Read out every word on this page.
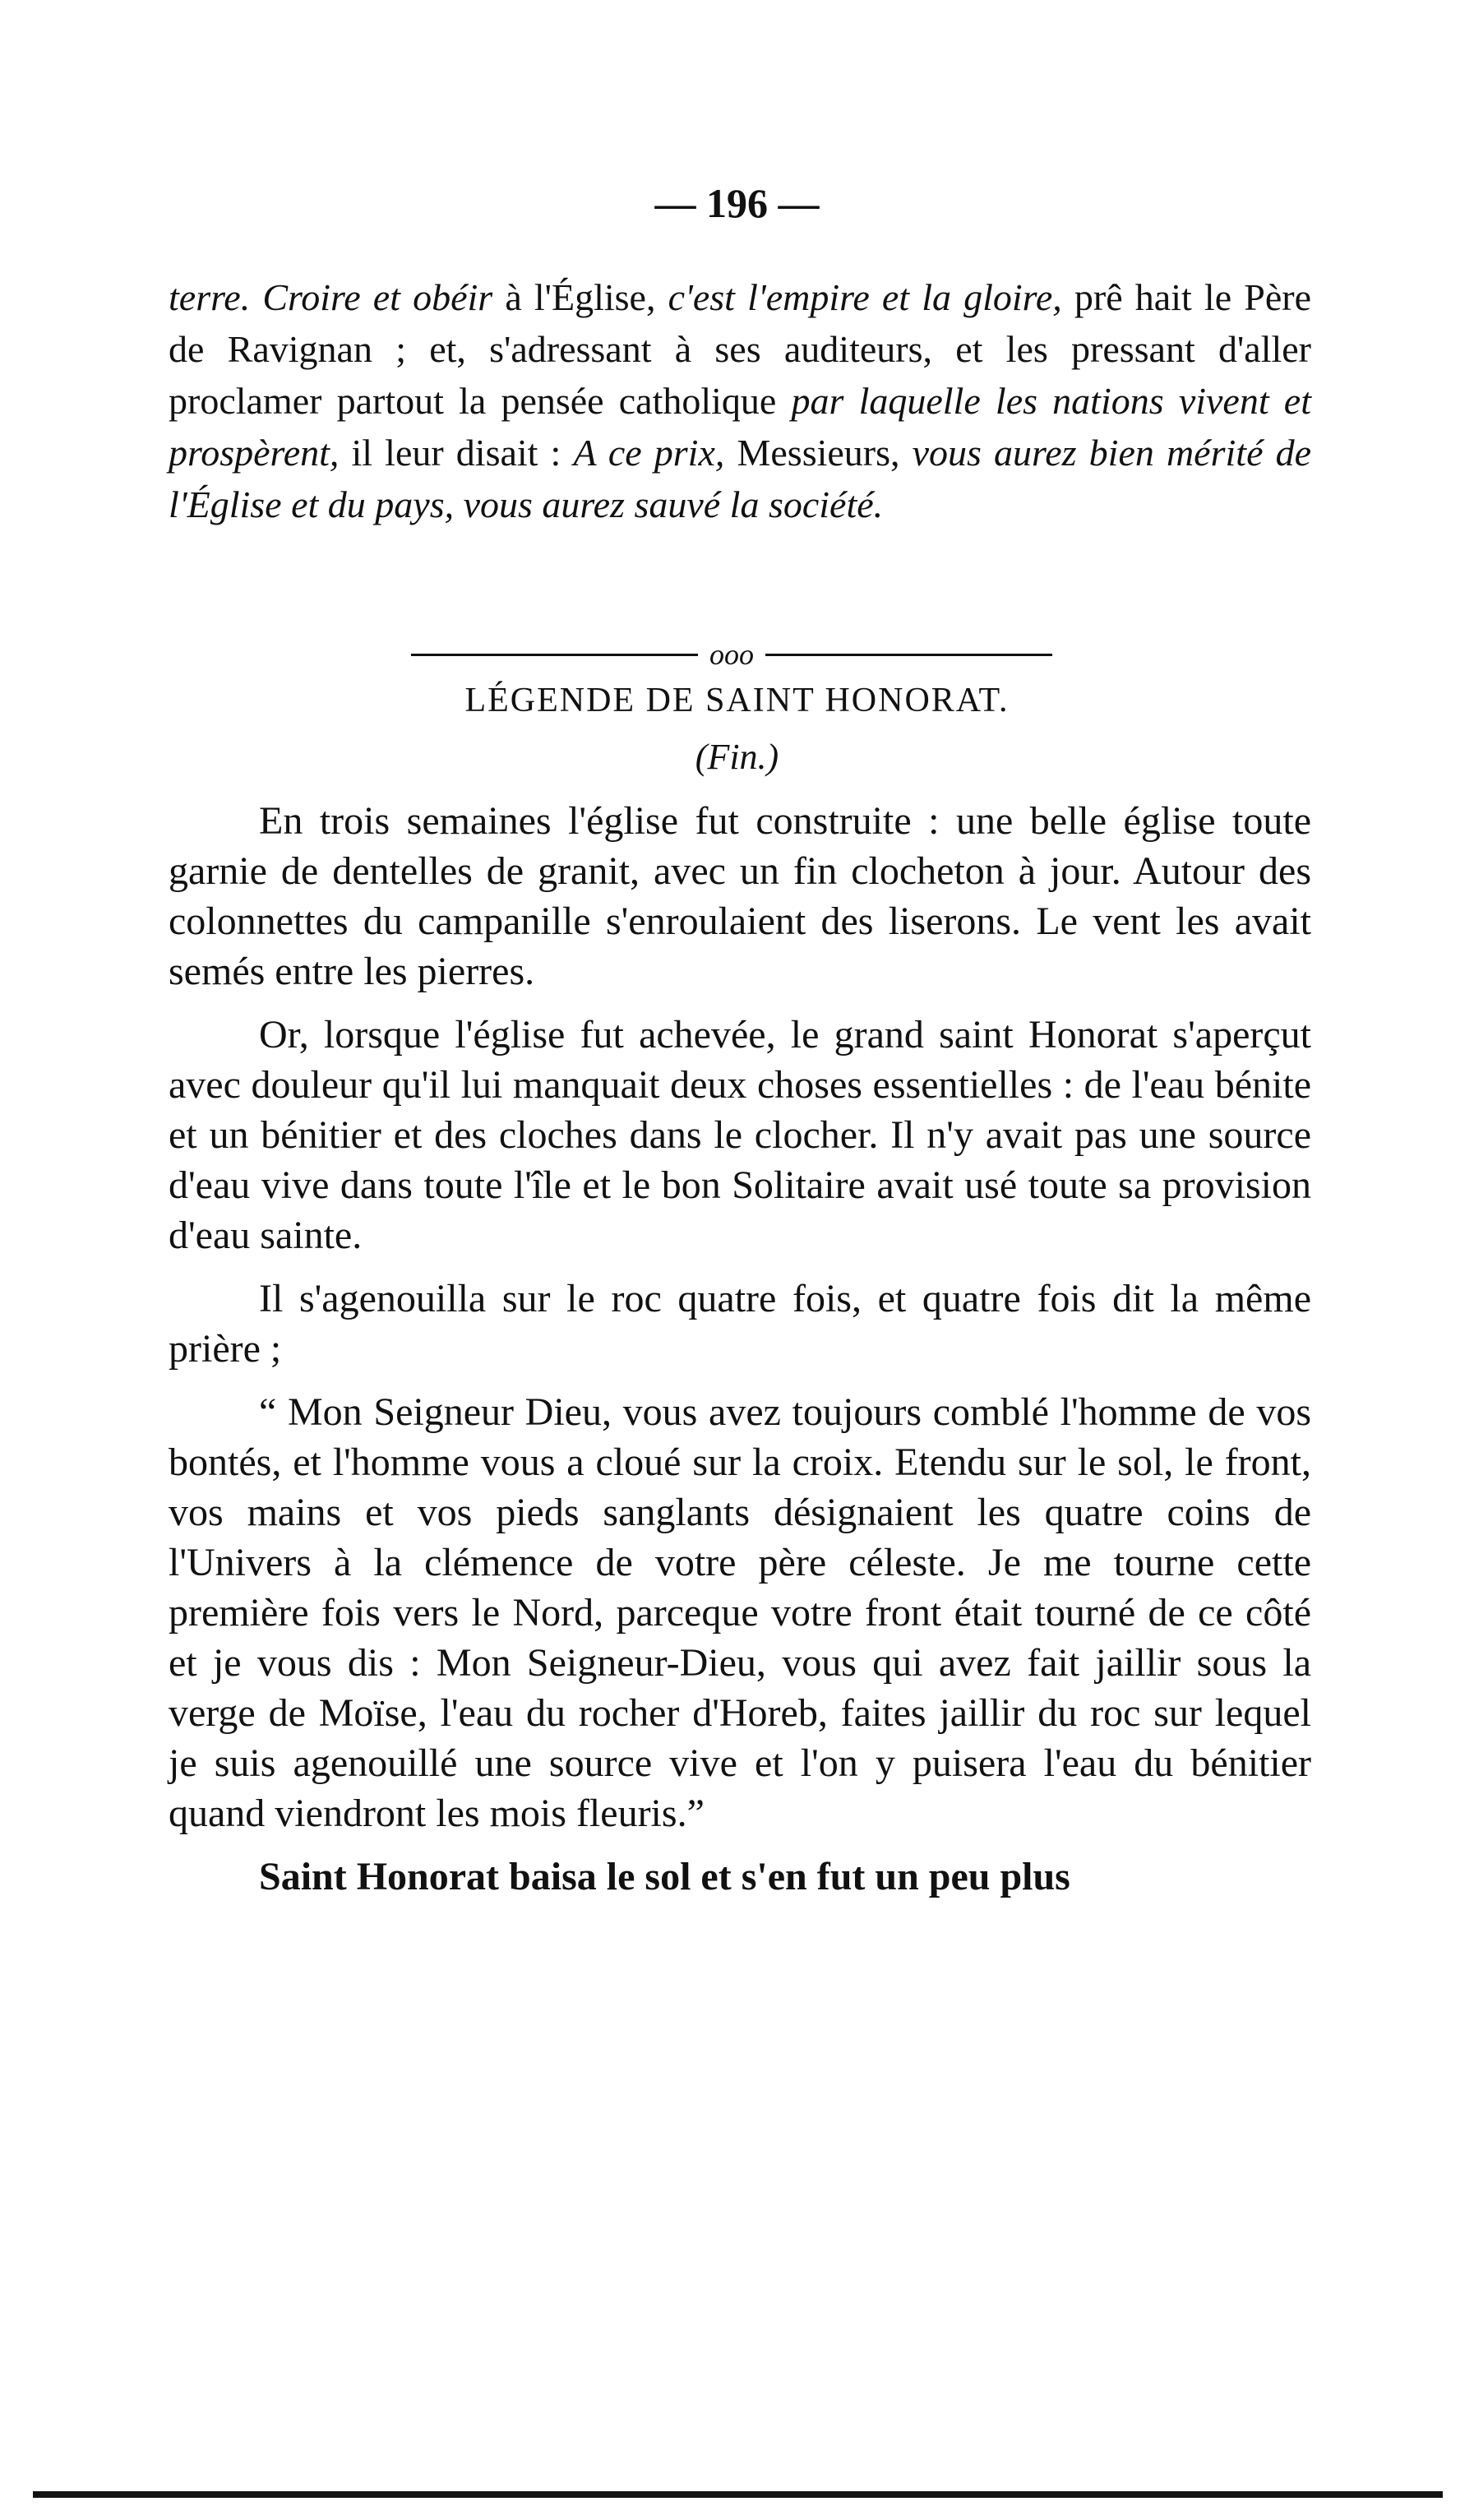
— 196 —
terre. Croire et obéir à l'Église, c'est l'empire et la gloire, prê hait le Père de Ravignan ; et, s'adressant à ses auditeurs, et les pressant d'aller proclamer partout la pensée catholique par laquelle les nations vivent et prospèrent, il leur disait : A ce prix, Messieurs, vous aurez bien mérité de l'Église et du pays, vous aurez sauvé la société.
ooo
LÉGENDE DE SAINT HONORAT.
(Fin.)

En trois semaines l'église fut construite : une belle église toute garnie de dentelles de granit, avec un fin clocheton à jour. Autour des colonnettes du campanille s'enroulaient des liserons. Le vent les avait semés entre les pierres.

Or, lorsque l'église fut achevée, le grand saint Honorat s'aperçut avec douleur qu'il lui manquait deux choses essentielles : de l'eau bénite et un bénitier et des cloches dans le clocher. Il n'y avait pas une source d'eau vive dans toute l'île et le bon Solitaire avait usé toute sa provision d'eau sainte.

Il s'agenouilla sur le roc quatre fois, et quatre fois dit la même prière ;

“ Mon Seigneur Dieu, vous avez toujours comblé l'homme de vos bontés, et l'homme vous a cloué sur la croix. Etendu sur le sol, le front, vos mains et vos pieds sanglants désignaient les quatre coins de l'Univers à la clémence de votre père céleste. Je me tourne cette première fois vers le Nord, parceque votre front était tourné de ce côté et je vous dis : Mon Seigneur-Dieu, vous qui avez fait jaillir sous la verge de Moïse, l'eau du rocher d'Horeb, faites jaillir du roc sur lequel je suis agenouillé une source vive et l'on y puisera l'eau du bénitier quand viendront les mois fleuris.”

Saint Honorat baisa le sol et s'en fut un peu plus
